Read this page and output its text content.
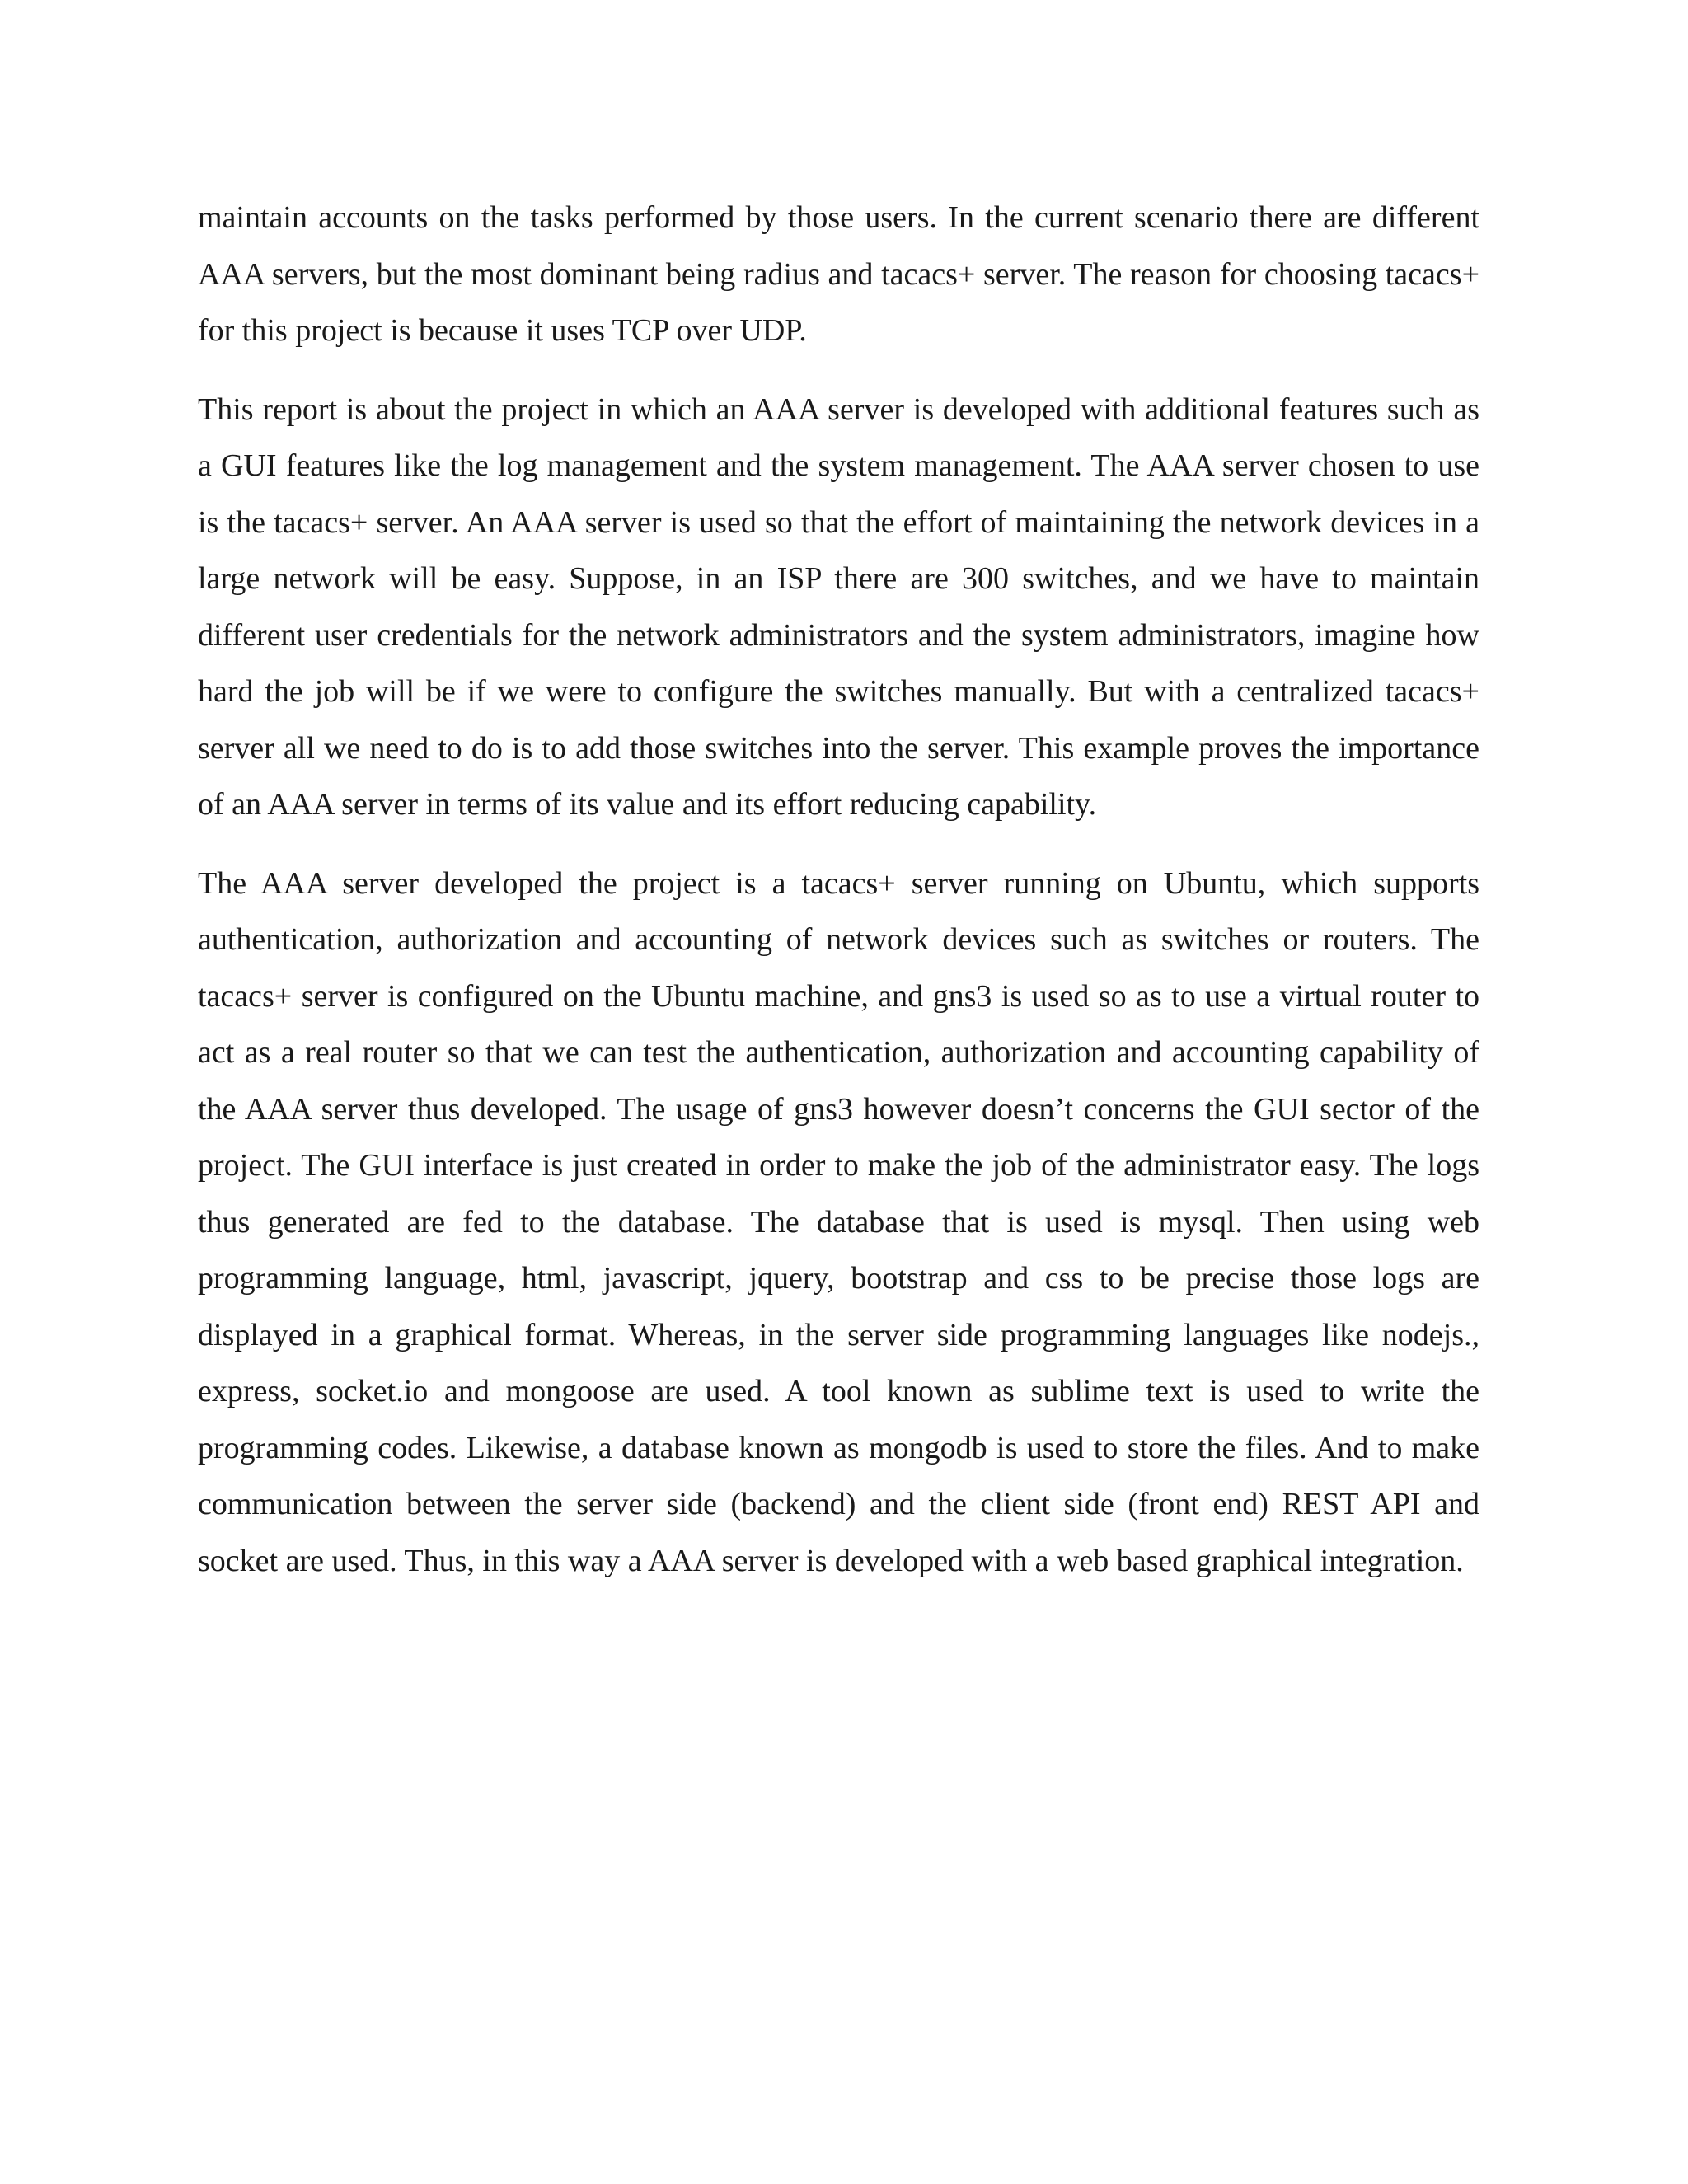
maintain accounts on the tasks performed by those users. In the current scenario there are different AAA servers, but the most dominant being radius and tacacs+ server. The reason for choosing tacacs+ for this project is because it uses TCP over UDP.

This report is about the project in which an AAA server is developed with additional features such as a GUI features like the log management and the system management. The AAA server chosen to use is the tacacs+ server. An AAA server is used so that the effort of maintaining the network devices in a large network will be easy. Suppose, in an ISP there are 300 switches, and we have to maintain different user credentials for the network administrators and the system administrators, imagine how hard the job will be if we were to configure the switches manually. But with a centralized tacacs+ server all we need to do is to add those switches into the server. This example proves the importance of an AAA server in terms of its value and its effort reducing capability.

The AAA server developed the project is a tacacs+ server running on Ubuntu, which supports authentication, authorization and accounting of network devices such as switches or routers. The tacacs+ server is configured on the Ubuntu machine, and gns3 is used so as to use a virtual router to act as a real router so that we can test the authentication, authorization and accounting capability of the AAA server thus developed. The usage of gns3 however doesn’t concerns the GUI sector of the project. The GUI interface is just created in order to make the job of the administrator easy. The logs thus generated are fed to the database. The database that is used is mysql. Then using web programming language, html, javascript, jquery, bootstrap and css to be precise those logs are displayed in a graphical format. Whereas, in the server side programming languages like nodejs., express, socket.io and mongoose are used. A tool known as sublime text is used to write the programming codes. Likewise, a database known as mongodb is used to store the files. And to make communication between the server side (backend) and the client side (front end) REST API and socket are used. Thus, in this way a AAA server is developed with a web based graphical integration.
